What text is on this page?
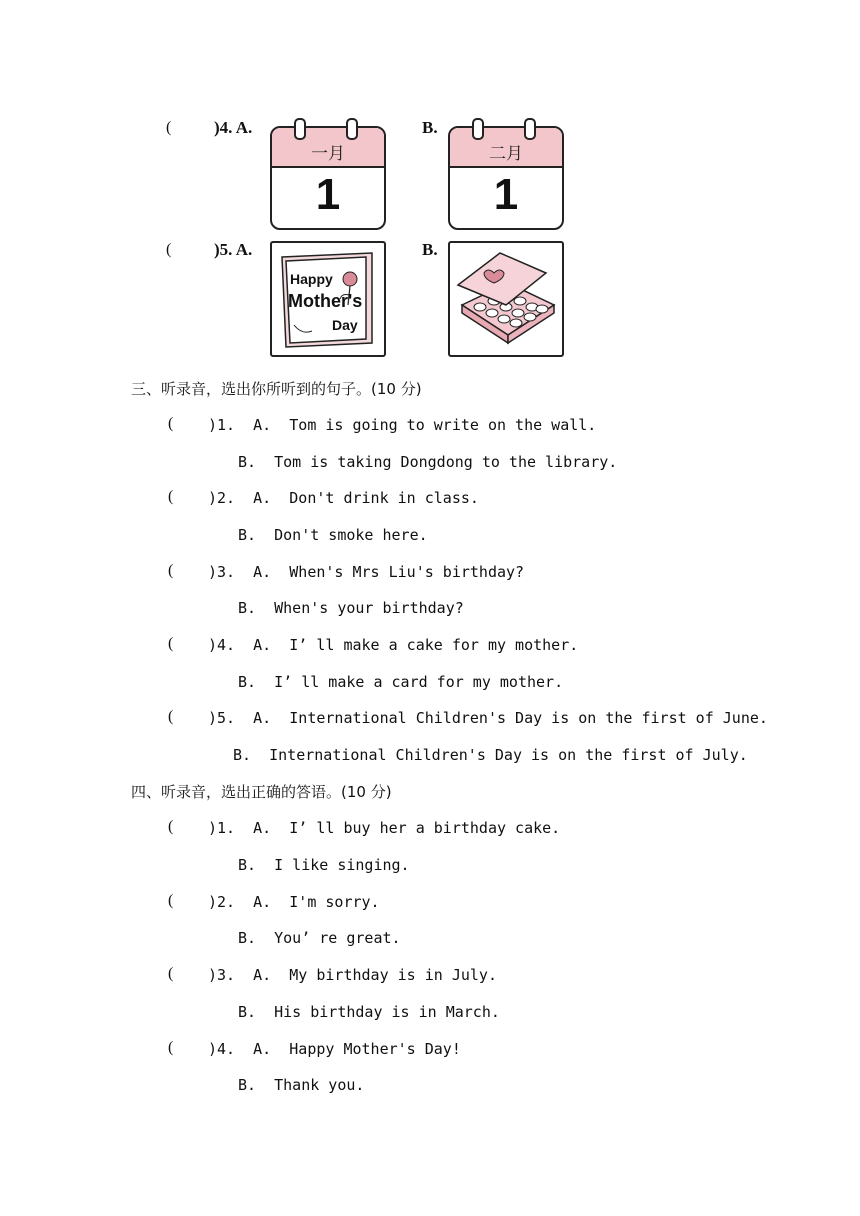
(	)4. A.	B.
一月
1
二月
1
(	)5. A.	B.
Happy
Mother's
Day
三、听录音，选出你所听到的句子。(10 分)
( )1.  A.  Tom is going to write on the wall.
B.  Tom is taking Dongdong to the library.
( )2.  A.  Don't drink in class.
B.  Don't smoke here.
( )3.  A.  When's Mrs Liu's birthday?
B.  When's your birthday?
( )4.  A.  I’ ll make a cake for my mother.
B.  I’ ll make a card for my mother.
( )5.  A.  International Children's Day is on the first of June.
B.  International Children's Day is on the first of July.
四、听录音，选出正确的答语。(10 分)
( )1.  A.  I’ ll buy her a birthday cake.
B.  I like singing.
( )2.  A.  I'm sorry.
B.  You’ re great.
( )3.  A.  My birthday is in July.
B.  His birthday is in March.
( )4.  A.  Happy Mother's Day!
B.  Thank you.
